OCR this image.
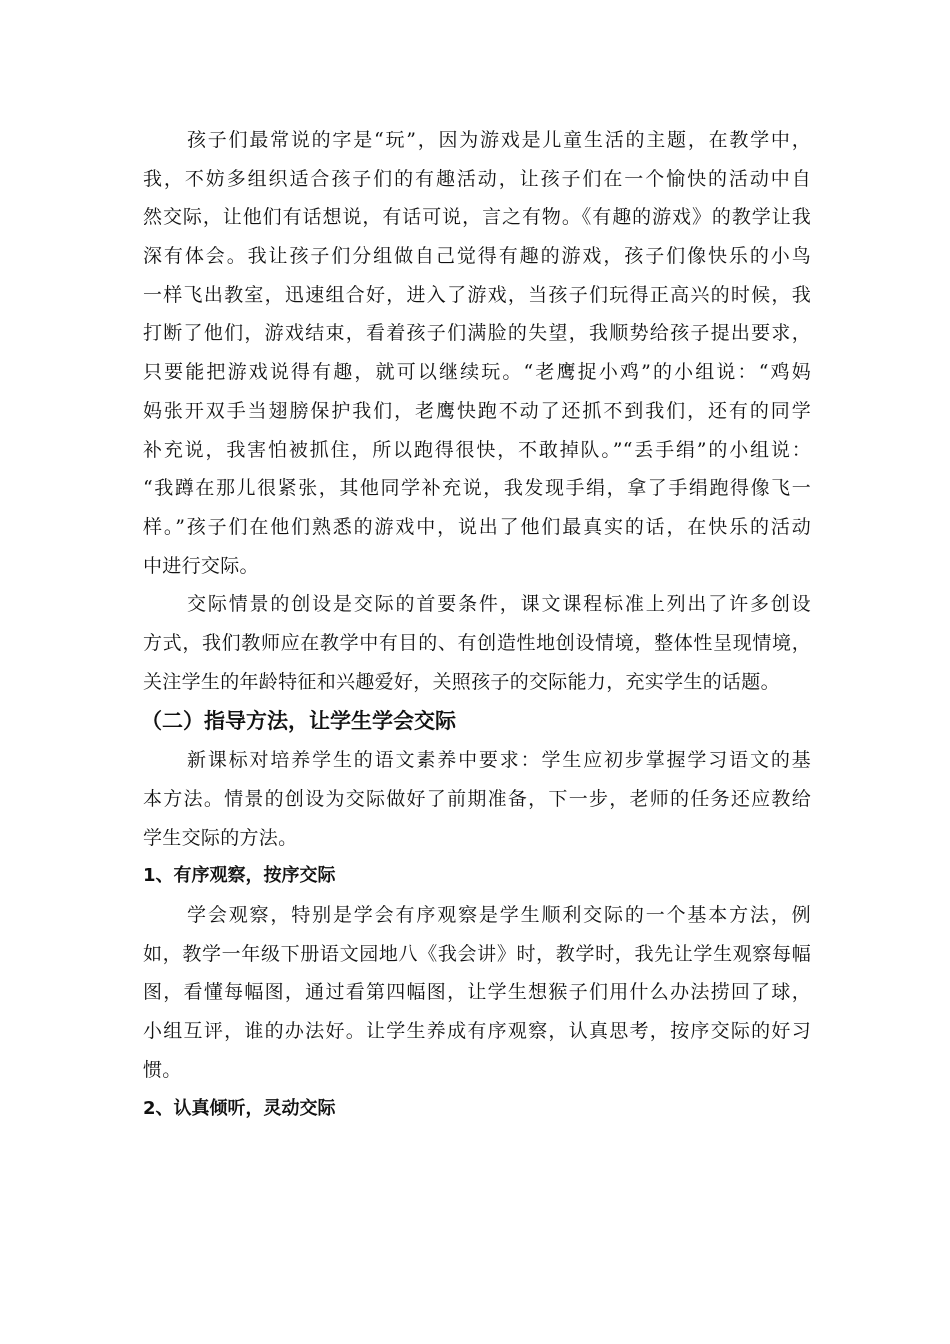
孩子们最常说的字是“玩”，因为游戏是儿童生活的主题，在教学中，
我，不妨多组织适合孩子们的有趣活动，让孩子们在一个愉快的活动中自
然交际，让他们有话想说，有话可说，言之有物。《有趣的游戏》的教学让我
深有体会。我让孩子们分组做自己觉得有趣的游戏，孩子们像快乐的小鸟
一样飞出教室，迅速组合好，进入了游戏，当孩子们玩得正高兴的时候，我
打断了他们，游戏结束，看着孩子们满脸的失望，我顺势给孩子提出要求，
只要能把游戏说得有趣，就可以继续玩。“老鹰捉小鸡”的小组说：“鸡妈
妈张开双手当翅膀保护我们，老鹰快跑不动了还抓不到我们，还有的同学
补充说，我害怕被抓住，所以跑得很快，不敢掉队。”“丢手绢”的小组说：
“我蹲在那儿很紧张，其他同学补充说，我发现手绢，拿了手绢跑得像飞一
样。”孩子们在他们熟悉的游戏中，说出了他们最真实的话，在快乐的活动
中进行交际。
交际情景的创设是交际的首要条件，课文课程标准上列出了许多创设
方式，我们教师应在教学中有目的、有创造性地创设情境，整体性呈现情境，
关注学生的年龄特征和兴趣爱好，关照孩子的交际能力，充实学生的话题。
（二）指导方法，让学生学会交际
新课标对培养学生的语文素养中要求：学生应初步掌握学习语文的基
本方法。情景的创设为交际做好了前期准备，下一步，老师的任务还应教给
学生交际的方法。
1、有序观察，按序交际
学会观察，特别是学会有序观察是学生顺利交际的一个基本方法，例
如，教学一年级下册语文园地八《我会讲》时，教学时，我先让学生观察每幅
图，看懂每幅图，通过看第四幅图，让学生想猴子们用什么办法捞回了球，
小组互评，谁的办法好。让学生养成有序观察，认真思考，按序交际的好习
惯。
2、认真倾听，灵动交际
